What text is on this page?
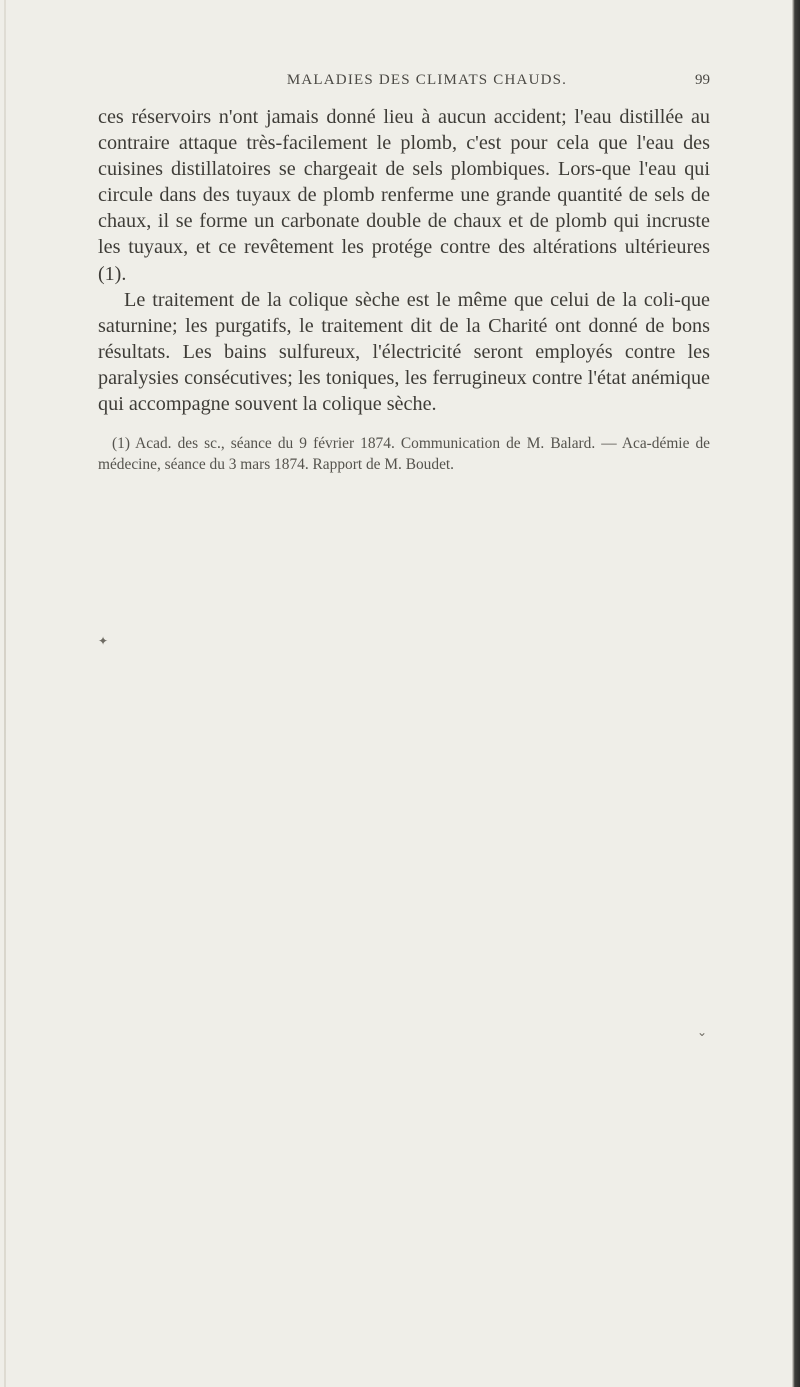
MALADIES DES CLIMATS CHAUDS.	99

ces réservoirs n'ont jamais donné lieu à aucun accident; l'eau distillée au contraire attaque très-facilement le plomb, c'est pour cela que l'eau des cuisines distillatoires se chargeait de sels plombiques. Lors-que l'eau qui circule dans des tuyaux de plomb renferme une grande quantité de sels de chaux, il se forme un carbonate double de chaux et de plomb qui incruste les tuyaux, et ce revêtement les protége contre des altérations ultérieures (1).

Le traitement de la colique sèche est le même que celui de la coli-que saturnine; les purgatifs, le traitement dit de la Charité ont donné de bons résultats. Les bains sulfureux, l'électricité seront employés contre les paralysies consécutives; les toniques, les ferrugineux contre l'état anémique qui accompagne souvent la colique sèche.

(1) Acad. des sc., séance du 9 février 1874. Communication de M. Balard. — Aca-démie de médecine, séance du 3 mars 1874. Rapport de M. Boudet.

✦
⌄
